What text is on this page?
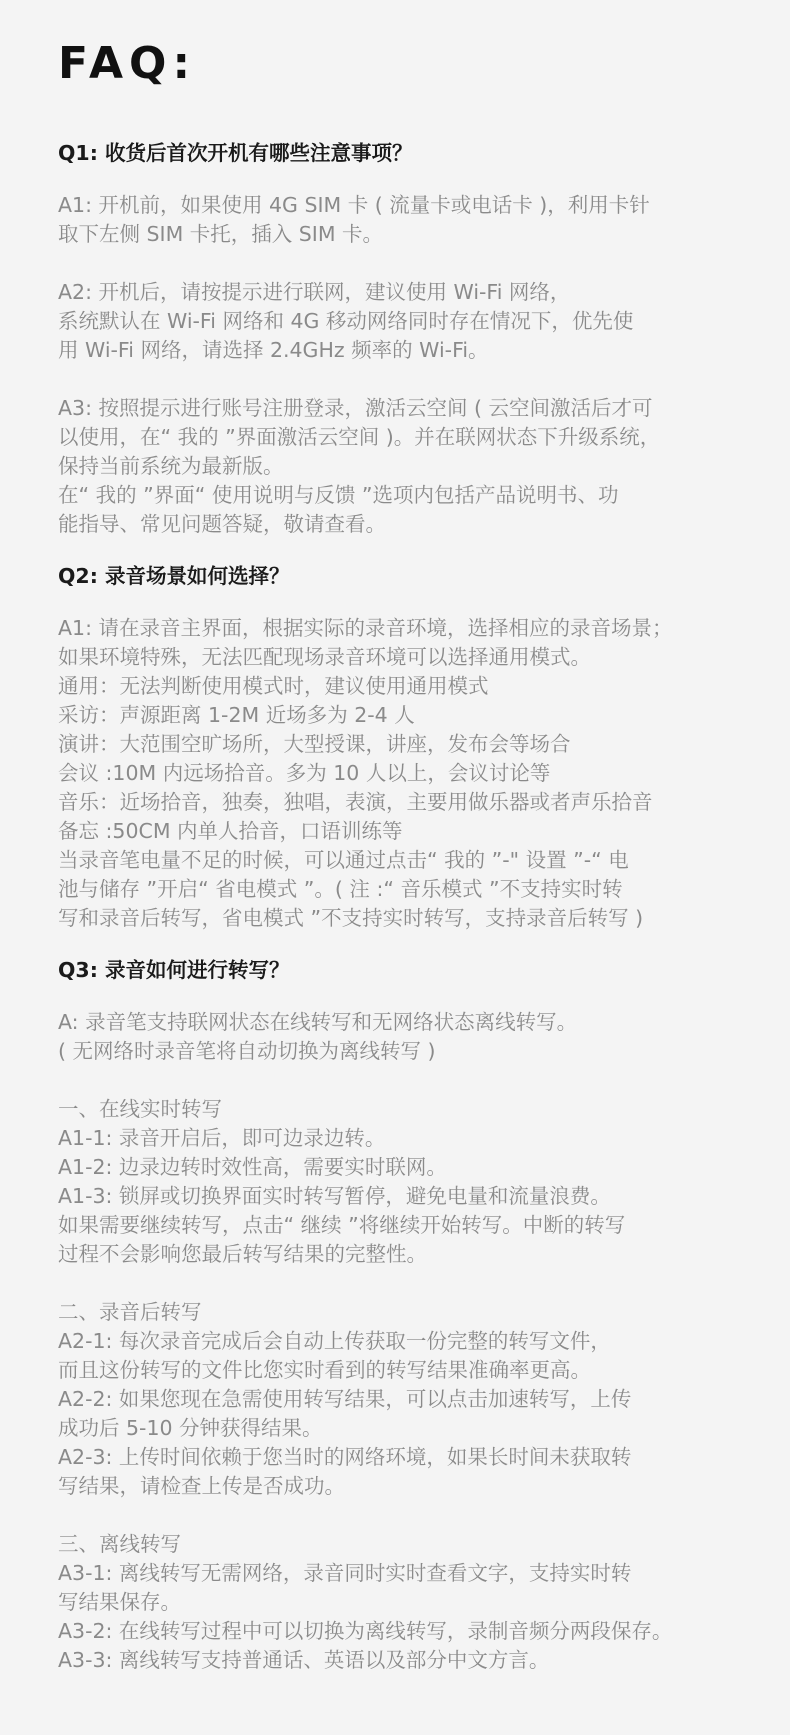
FAQ:

Q1: 收货后首次开机有哪些注意事项？

A1: 开机前，如果使用 4G SIM 卡 ( 流量卡或电话卡 )，利用卡针

取下左侧 SIM 卡托，插入 SIM 卡。

A2: 开机后，请按提示进行联网，建议使用 Wi-Fi 网络，

系统默认在 Wi-Fi 网络和 4G 移动网络同时存在情况下，优先使

用 Wi-Fi 网络，请选择 2.4GHz 频率的 Wi-Fi。

A3: 按照提示进行账号注册登录，激活云空间 ( 云空间激活后才可

以使用，在“ 我的 ”界面激活云空间 )。并在联网状态下升级系统，

保持当前系统为最新版。

在“ 我的 ”界面“ 使用说明与反馈 ”选项内包括产品说明书、功

能指导、常见问题答疑，敬请查看。

Q2: 录音场景如何选择？

A1: 请在录音主界面，根据实际的录音环境，选择相应的录音场景；

如果环境特殊，无法匹配现场录音环境可以选择通用模式。

通用：无法判断使用模式时，建议使用通用模式

采访：声源距离 1-2M 近场多为 2-4 人

演讲：大范围空旷场所，大型授课，讲座，发布会等场合

会议 :10M 内远场拾音。多为 10 人以上，会议讨论等

音乐：近场拾音，独奏，独唱，表演，主要用做乐器或者声乐拾音

备忘 :50CM 内单人拾音，口语训练等

当录音笔电量不足的时候，可以通过点击“ 我的 ”-" 设置 ”-“ 电

池与储存 ”开启“ 省电模式 ”。( 注 :“ 音乐模式 ”不支持实时转

写和录音后转写，省电模式 ”不支持实时转写，支持录音后转写 )

Q3: 录音如何进行转写？

A: 录音笔支持联网状态在线转写和无网络状态离线转写。

( 无网络时录音笔将自动切换为离线转写 )

一、在线实时转写

A1-1: 录音开启后，即可边录边转。

A1-2: 边录边转时效性高，需要实时联网。

A1-3: 锁屏或切换界面实时转写暂停，避免电量和流量浪费。

如果需要继续转写，点击“ 继续 ”将继续开始转写。中断的转写

过程不会影响您最后转写结果的完整性。

二、录音后转写

A2-1: 每次录音完成后会自动上传获取一份完整的转写文件，

而且这份转写的文件比您实时看到的转写结果准确率更高。

A2-2: 如果您现在急需使用转写结果，可以点击加速转写，上传

成功后 5-10 分钟获得结果。

A2-3: 上传时间依赖于您当时的网络环境，如果长时间未获取转

写结果，请检查上传是否成功。

三、离线转写

A3-1: 离线转写无需网络，录音同时实时查看文字，支持实时转

写结果保存。

A3-2: 在线转写过程中可以切换为离线转写，录制音频分两段保存。

A3-3: 离线转写支持普通话、英语以及部分中文方言。
